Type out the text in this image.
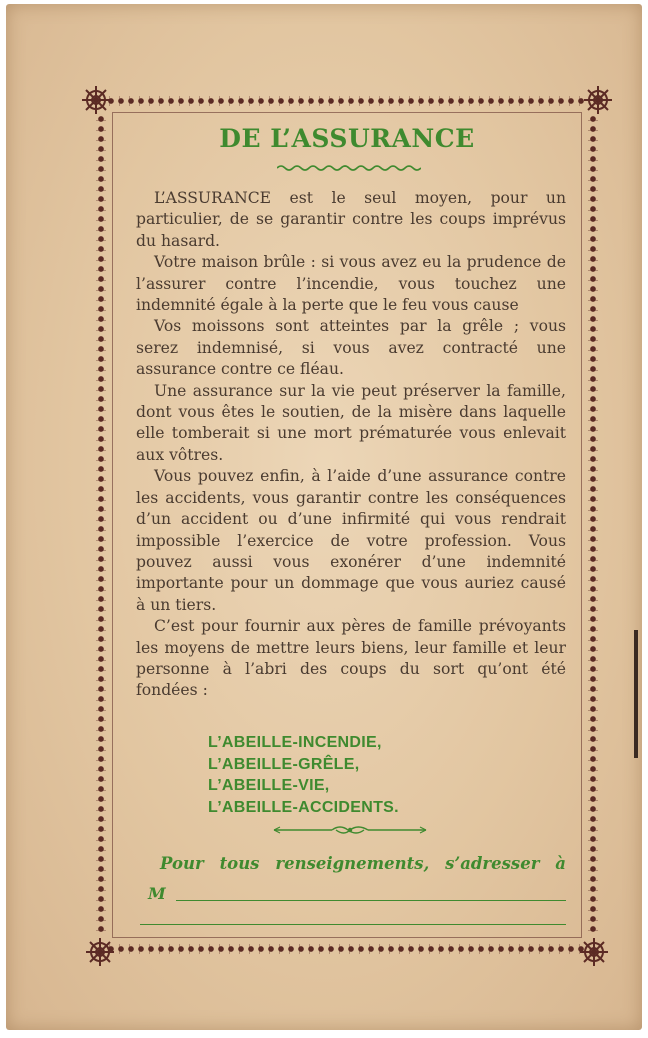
DE L’ASSURANCE

L’ASSURANCE est le seul moyen, pour un particulier, de se garantir contre les coups imprévus du hasard.

Votre maison brûle : si vous avez eu la prudence de l’assurer contre l’incendie, vous touchez une indemnité égale à la perte que le feu vous cause

Vos moissons sont atteintes par la grêle ; vous serez indemnisé, si vous avez contracté une assurance contre ce fléau.

Une assurance sur la vie peut préserver la famille, dont vous êtes le soutien, de la misère dans laquelle elle tomberait si une mort prématurée vous enlevait aux vôtres.

Vous pouvez enfin, à l’aide d’une assurance contre les accidents, vous garantir contre les conséquences d’un accident ou d’une infirmité qui vous rendrait impossible l’exercice de votre profession. Vous pouvez aussi vous exonérer d’une indemnité importante pour un dommage que vous auriez causé à un tiers.

C’est pour fournir aux pères de famille prévoyants les moyens de mettre leurs biens, leur famille et leur personne à l’abri des coups du sort qu’ont été fondées :

L’ABEILLE-INCENDIE,
L’ABEILLE-GRÊLE,
L’ABEILLE-VIE,
L’ABEILLE-ACCIDENTS.
Pour tous renseignements, s’adresser à
M
